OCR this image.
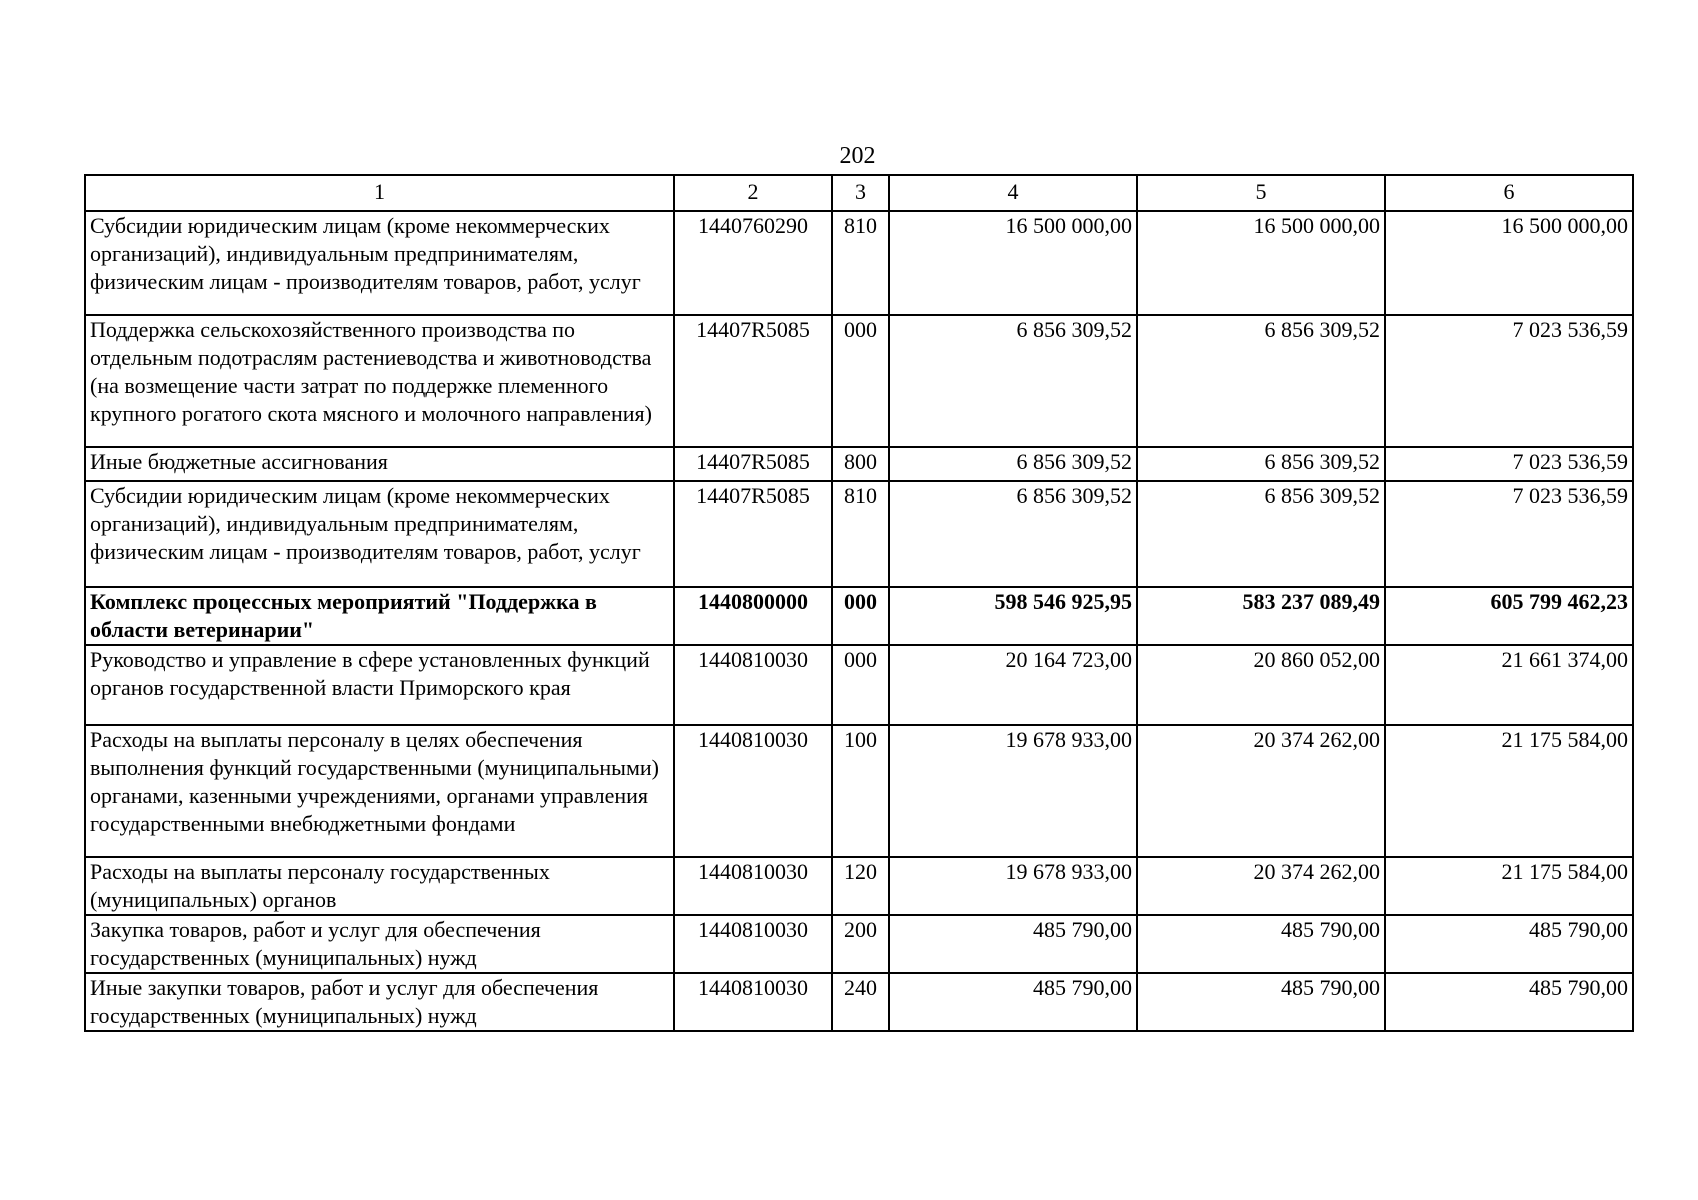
202
1	2	3	4	5	6
Субсидии юридическим лицам (кроме некоммерческих организаций), индивидуальным предпринимателям, физическим лицам - производителям товаров, работ, услуг	1440760290	810	16 500 000,00	16 500 000,00	16 500 000,00
Поддержка сельскохозяйственного производства по отдельным подотраслям растениеводства и животноводства (на возмещение части затрат по поддержке племенного крупного рогатого скота мясного и молочного направления)	14407R5085	000	6 856 309,52	6 856 309,52	7 023 536,59
Иные бюджетные ассигнования	14407R5085	800	6 856 309,52	6 856 309,52	7 023 536,59
Субсидии юридическим лицам (кроме некоммерческих организаций), индивидуальным предпринимателям, физическим лицам - производителям товаров, работ, услуг	14407R5085	810	6 856 309,52	6 856 309,52	7 023 536,59
Комплекс процессных мероприятий "Поддержка в области ветеринарии"	1440800000	000	598 546 925,95	583 237 089,49	605 799 462,23
Руководство и управление в сфере установленных функций органов государственной власти Приморского края	1440810030	000	20 164 723,00	20 860 052,00	21 661 374,00
Расходы на выплаты персоналу в целях обеспечения выполнения функций государственными (муниципальными) органами, казенными учреждениями, органами управления государственными внебюджетными фондами	1440810030	100	19 678 933,00	20 374 262,00	21 175 584,00
Расходы на выплаты персоналу государственных (муниципальных) органов	1440810030	120	19 678 933,00	20 374 262,00	21 175 584,00
Закупка товаров, работ и услуг для обеспечения государственных (муниципальных) нужд	1440810030	200	485 790,00	485 790,00	485 790,00
Иные закупки товаров, работ и услуг для обеспечения государственных (муниципальных) нужд	1440810030	240	485 790,00	485 790,00	485 790,00
